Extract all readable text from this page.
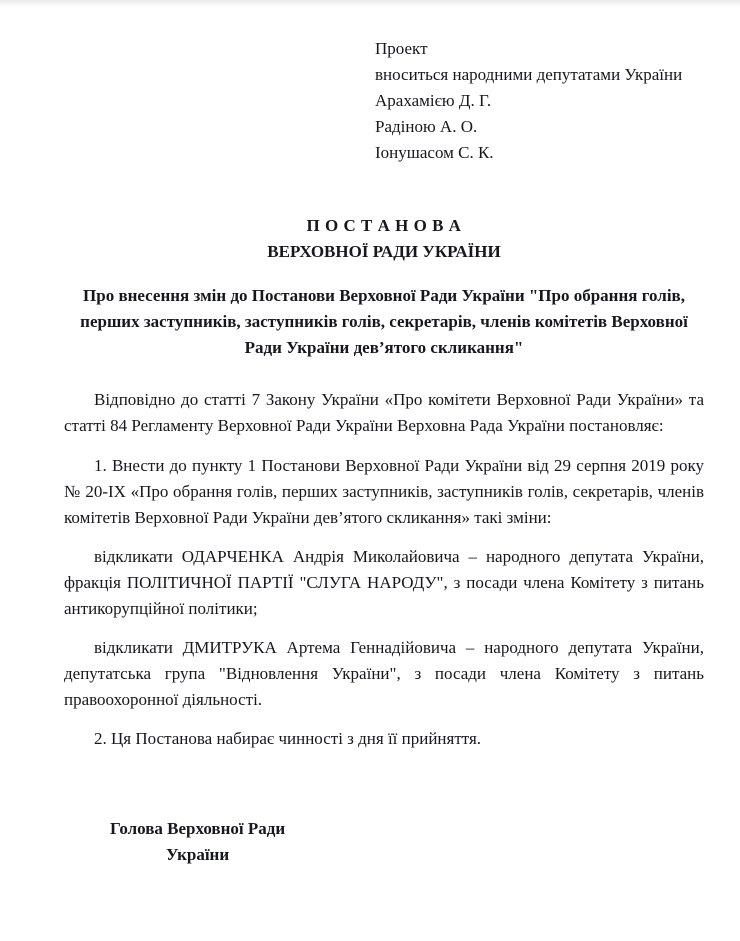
Проект
вноситься народними депутатами України
Арахамією Д. Г.
Радіною А. О.
Іонушасом С. К.
П О С Т А Н О В А
ВЕРХОВНОЇ РАДИ УКРАЇНИ
Про внесення змін до Постанови Верховної Ради України "Про обрання голів, перших заступників, заступників голів, секретарів, членів комітетів Верховної Ради України дев’ятого скликання"

Відповідно до статті 7 Закону України «Про комітети Верховної Ради України» та статті 84 Регламенту Верховної Ради України Верховна Рада України постановляє:

1. Внести до пункту 1 Постанови Верховної Ради України від 29 серпня 2019 року № 20-IX «Про обрання голів, перших заступників, заступників голів, секретарів, членів комітетів Верховної Ради України дев’ятого скликання» такі зміни:

відкликати ОДАРЧЕНКА Андрія Миколайовича – народного депутата України, фракція ПОЛІТИЧНОЇ ПАРТІЇ "СЛУГА НАРОДУ", з посади члена Комітету з питань антикорупційної політики;

відкликати ДМИТРУКА Артема Геннадійовича – народного депутата України, депутатська група "Відновлення України", з посади члена Комітету з питань правоохоронної діяльності.

2. Ця Постанова набирає чинності з дня її прийняття.

Голова Верховної Ради
України
